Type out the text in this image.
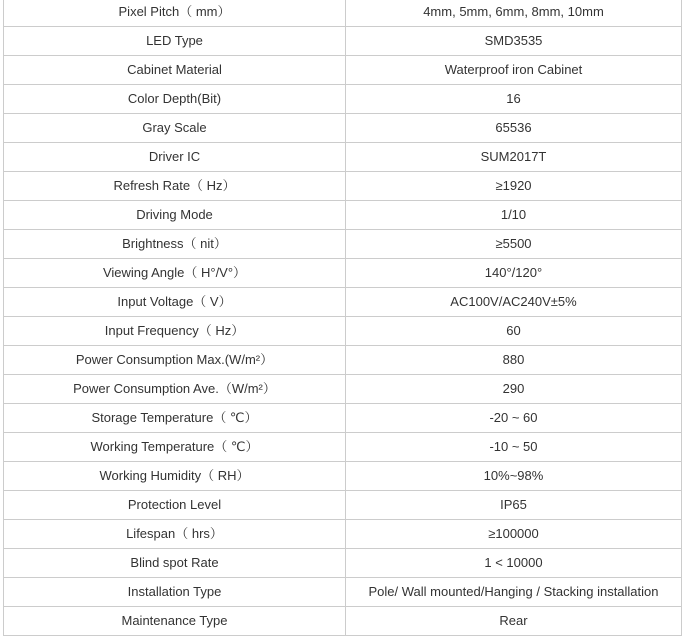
Pixel Pitch（ mm）	4mm, 5mm, 6mm, 8mm, 10mm
LED Type	SMD3535
Cabinet Material	Waterproof iron Cabinet
Color Depth(Bit)	16
Gray Scale	65536
Driver IC	SUM2017T
Refresh Rate（ Hz）	≥1920
Driving Mode	1/10
Brightness（ nit）	≥5500
Viewing Angle（ H°/V°）	140°/120°
Input Voltage（ V）	AC100V/AC240V±5%
Input Frequency（ Hz）	60
Power Consumption Max.(W/m²）	880
Power Consumption Ave.（W/m²）	290
Storage Temperature（ ℃）	-20 ~ 60
Working Temperature（ ℃）	-10 ~ 50
Working Humidity（ RH）	10%~98%
Protection Level	IP65
Lifespan（ hrs）	≥100000
Blind spot Rate	1 < 10000
Installation Type	Pole/ Wall mounted/Hanging / Stacking installation
Maintenance Type	Rear
